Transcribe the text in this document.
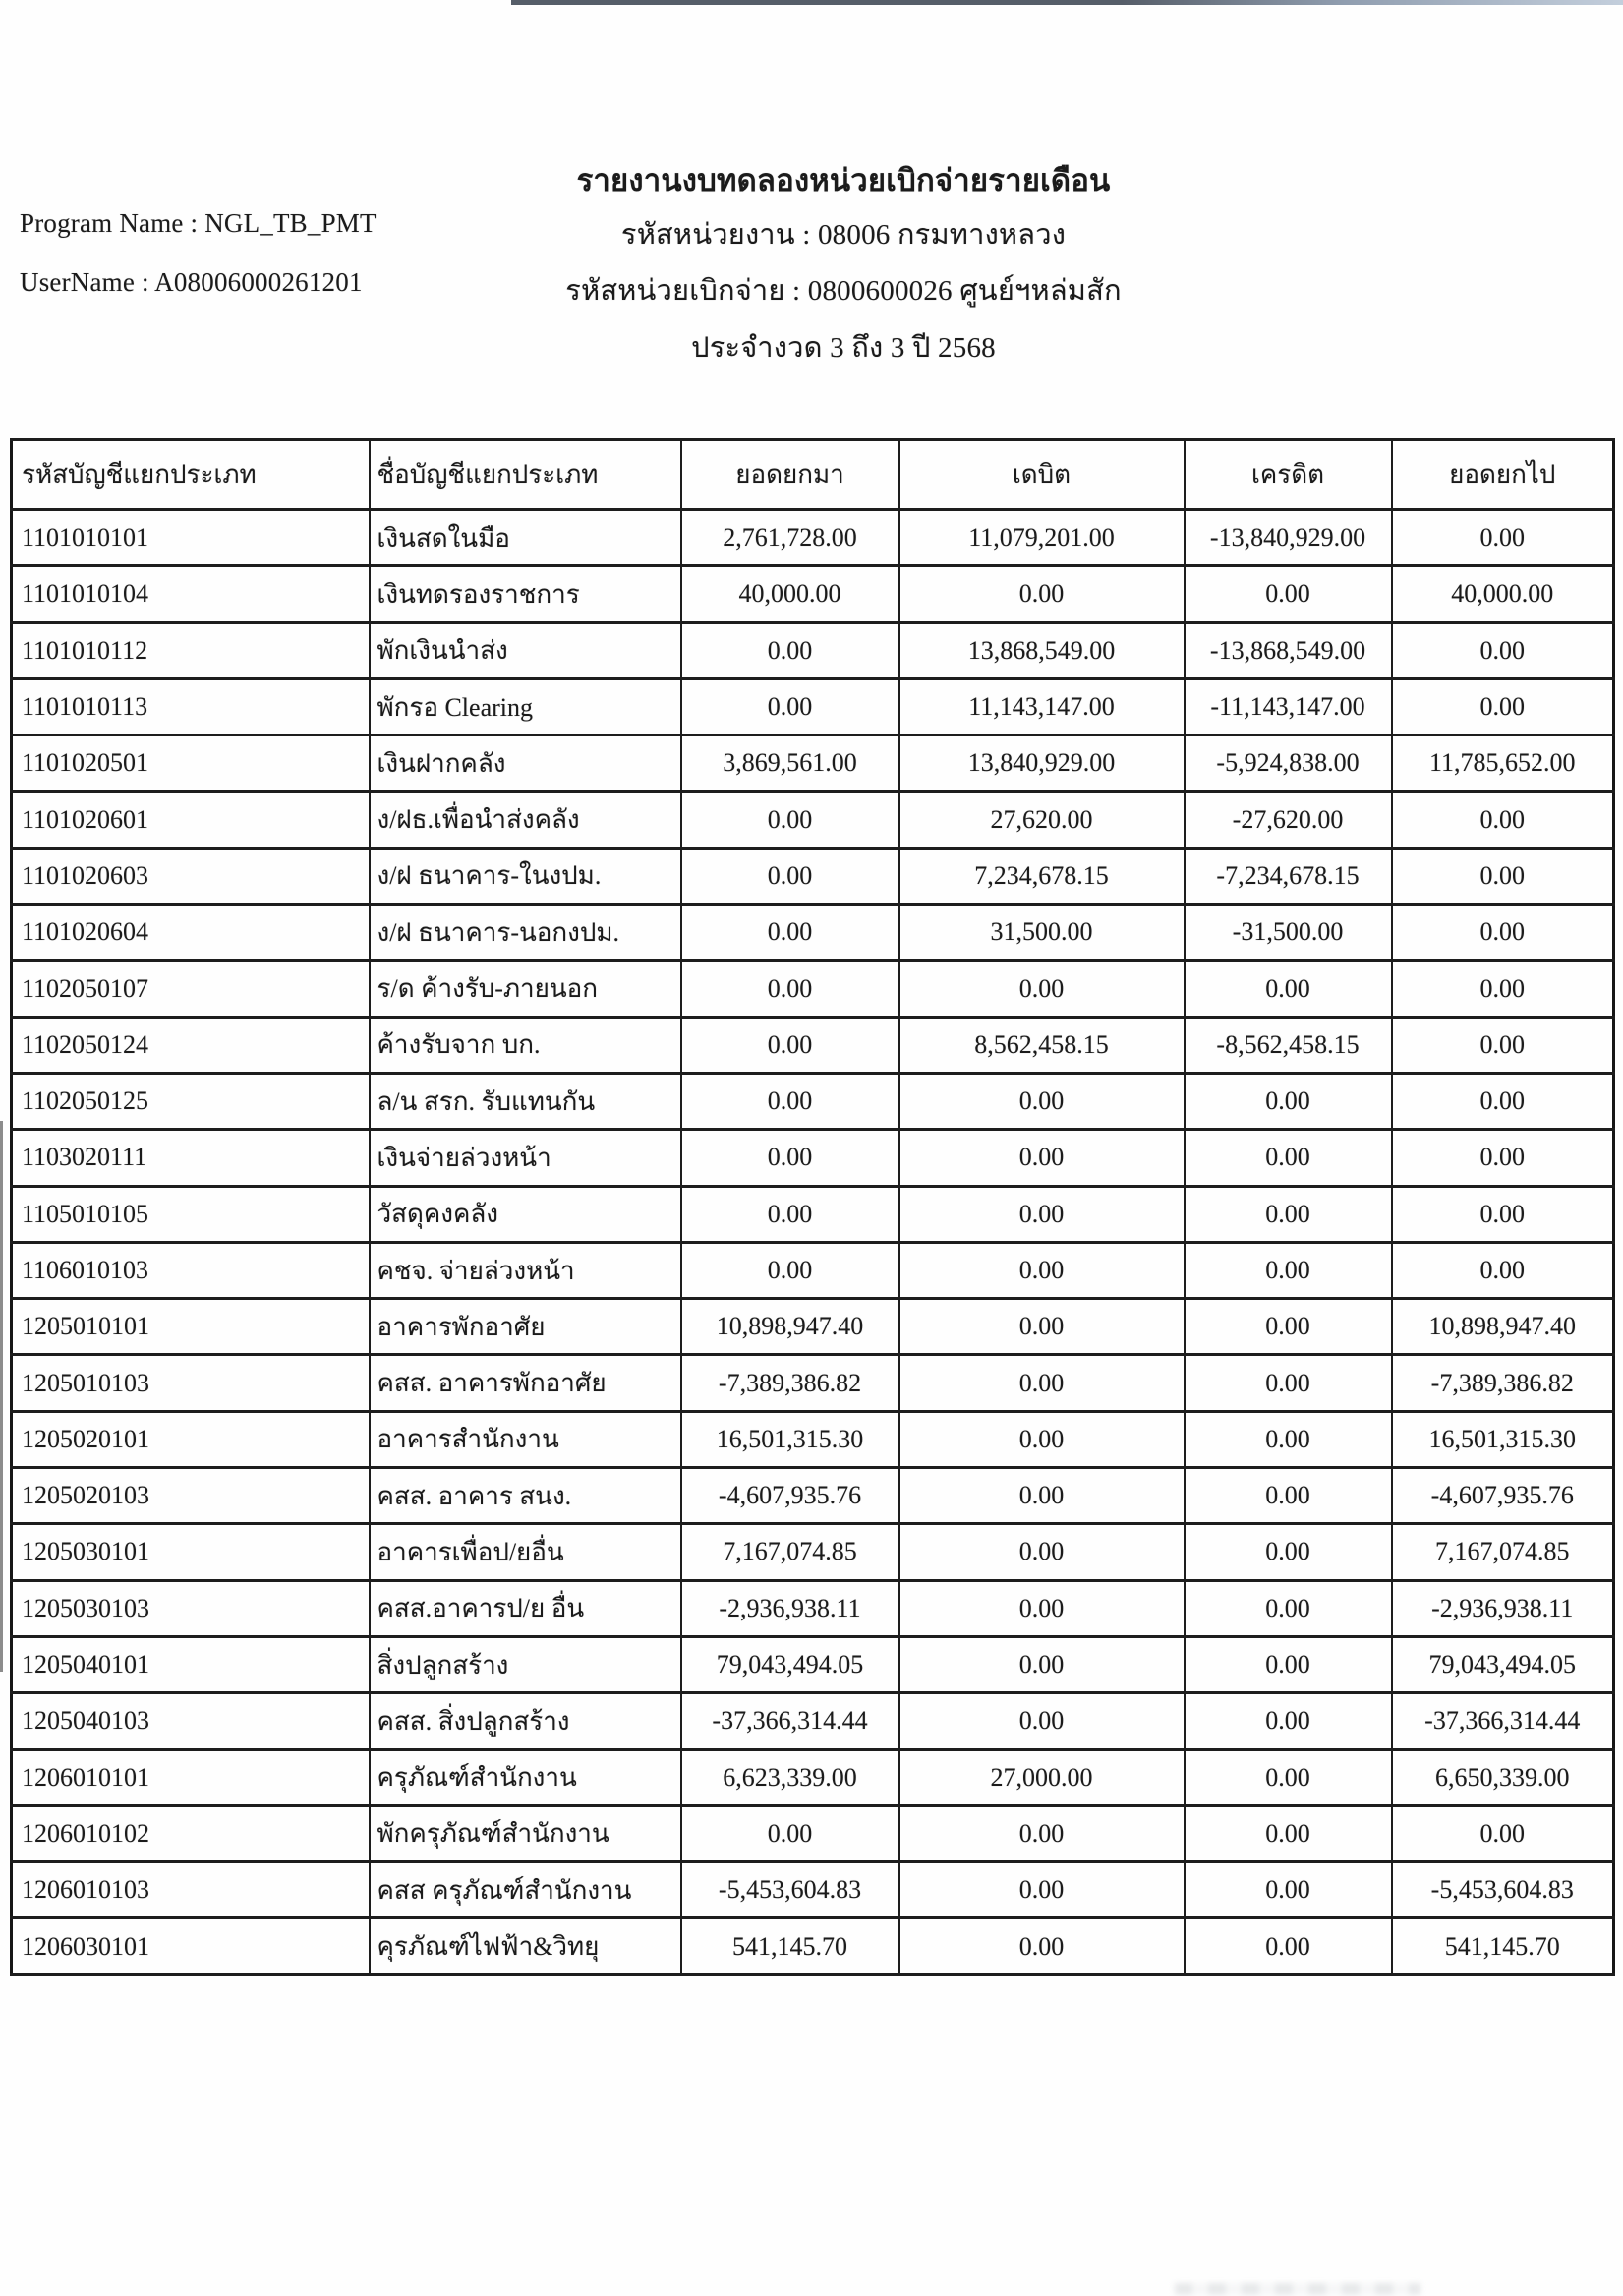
Program Name : NGL_TB_PMT
UserName : A08006000261201
รายงานงบทดลองหน่วยเบิกจ่ายรายเดือน
รหัสหน่วยงาน : 08006 กรมทางหลวง
รหัสหน่วยเบิกจ่าย : 0800600026 ศูนย์ฯหล่มสัก
ประจำงวด 3 ถึง 3 ปี 2568
รหัสบัญชีแยกประเภท	ชื่อบัญชีแยกประเภท	ยอดยกมา	เดบิต	เครดิต	ยอดยกไป
1101010101	เงินสดในมือ	2,761,728.00	11,079,201.00	-13,840,929.00	0.00
1101010104	เงินทดรองราชการ	40,000.00	0.00	0.00	40,000.00
1101010112	พักเงินนำส่ง	0.00	13,868,549.00	-13,868,549.00	0.00
1101010113	พักรอ Clearing	0.00	11,143,147.00	-11,143,147.00	0.00
1101020501	เงินฝากคลัง	3,869,561.00	13,840,929.00	-5,924,838.00	11,785,652.00
1101020601	ง/ฝธ.เพื่อนำส่งคลัง	0.00	27,620.00	-27,620.00	0.00
1101020603	ง/ฝ ธนาคาร-ในงปม.	0.00	7,234,678.15	-7,234,678.15	0.00
1101020604	ง/ฝ ธนาคาร-นอกงปม.	0.00	31,500.00	-31,500.00	0.00
1102050107	ร/ด ค้างรับ-ภายนอก	0.00	0.00	0.00	0.00
1102050124	ค้างรับจาก บก.	0.00	8,562,458.15	-8,562,458.15	0.00
1102050125	ล/น สรก. รับแทนกัน	0.00	0.00	0.00	0.00
1103020111	เงินจ่ายล่วงหน้า	0.00	0.00	0.00	0.00
1105010105	วัสดุคงคลัง	0.00	0.00	0.00	0.00
1106010103	คชจ. จ่ายล่วงหน้า	0.00	0.00	0.00	0.00
1205010101	อาคารพักอาศัย	10,898,947.40	0.00	0.00	10,898,947.40
1205010103	คสส. อาคารพักอาศัย	-7,389,386.82	0.00	0.00	-7,389,386.82
1205020101	อาคารสำนักงาน	16,501,315.30	0.00	0.00	16,501,315.30
1205020103	คสส. อาคาร สนง.	-4,607,935.76	0.00	0.00	-4,607,935.76
1205030101	อาคารเพื่อป/ยอื่น	7,167,074.85	0.00	0.00	7,167,074.85
1205030103	คสส.อาคารป/ย อื่น	-2,936,938.11	0.00	0.00	-2,936,938.11
1205040101	สิ่งปลูกสร้าง	79,043,494.05	0.00	0.00	79,043,494.05
1205040103	คสส. สิ่งปลูกสร้าง	-37,366,314.44	0.00	0.00	-37,366,314.44
1206010101	ครุภัณฑ์สำนักงาน	6,623,339.00	27,000.00	0.00	6,650,339.00
1206010102	พักครุภัณฑ์สำนักงาน	0.00	0.00	0.00	0.00
1206010103	คสส ครุภัณฑ์สำนักงาน	-5,453,604.83	0.00	0.00	-5,453,604.83
1206030101	คุรภัณฑ์ไฟฟ้า&วิทยุ	541,145.70	0.00	0.00	541,145.70
